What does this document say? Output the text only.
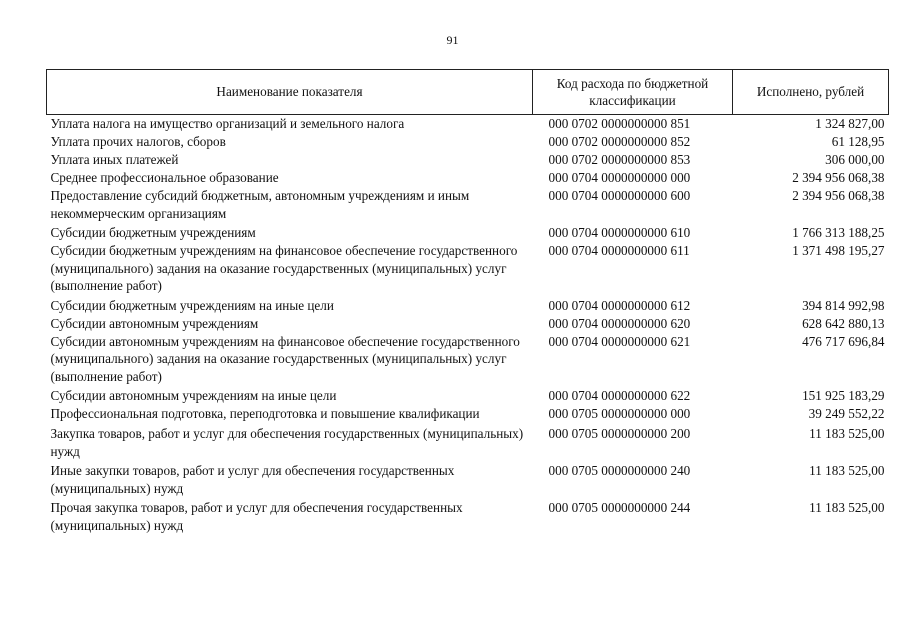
91
Наименование показателя	Код расхода по бюджетной классификации	Исполнено, рублей
Уплата налога на имущество организаций и земельного налога	000 0702 0000000000 851	1 324 827,00
Уплата прочих налогов, сборов	000 0702 0000000000 852	61 128,95
Уплата иных платежей	000 0702 0000000000 853	306 000,00
Среднее профессиональное образование	000 0704 0000000000 000	2 394 956 068,38
Предоставление субсидий бюджетным, автономным учреждениям и иным некоммерческим организациям	000 0704 0000000000 600	2 394 956 068,38
Субсидии бюджетным учреждениям	000 0704 0000000000 610	1 766 313 188,25
Субсидии бюджетным учреждениям на финансовое обеспечение государственного (муниципального) задания на оказание государственных (муниципальных) услуг (выполнение работ)	000 0704 0000000000 611	1 371 498 195,27
Субсидии бюджетным учреждениям на иные цели	000 0704 0000000000 612	394 814 992,98
Субсидии автономным учреждениям	000 0704 0000000000 620	628 642 880,13
Субсидии автономным учреждениям на финансовое обеспечение государственного (муниципального) задания на оказание государственных (муниципальных) услуг (выполнение работ)	000 0704 0000000000 621	476 717 696,84
Субсидии автономным учреждениям на иные цели	000 0704 0000000000 622	151 925 183,29
Профессиональная подготовка, переподготовка и повышение квалификации	000 0705 0000000000 000	39 249 552,22
Закупка товаров, работ и услуг для обеспечения государственных (муниципальных) нужд	000 0705 0000000000 200	11 183 525,00
Иные закупки товаров, работ и услуг для обеспечения государственных (муниципальных) нужд	000 0705 0000000000 240	11 183 525,00
Прочая закупка товаров, работ и услуг для обеспечения государственных (муниципальных) нужд	000 0705 0000000000 244	11 183 525,00
